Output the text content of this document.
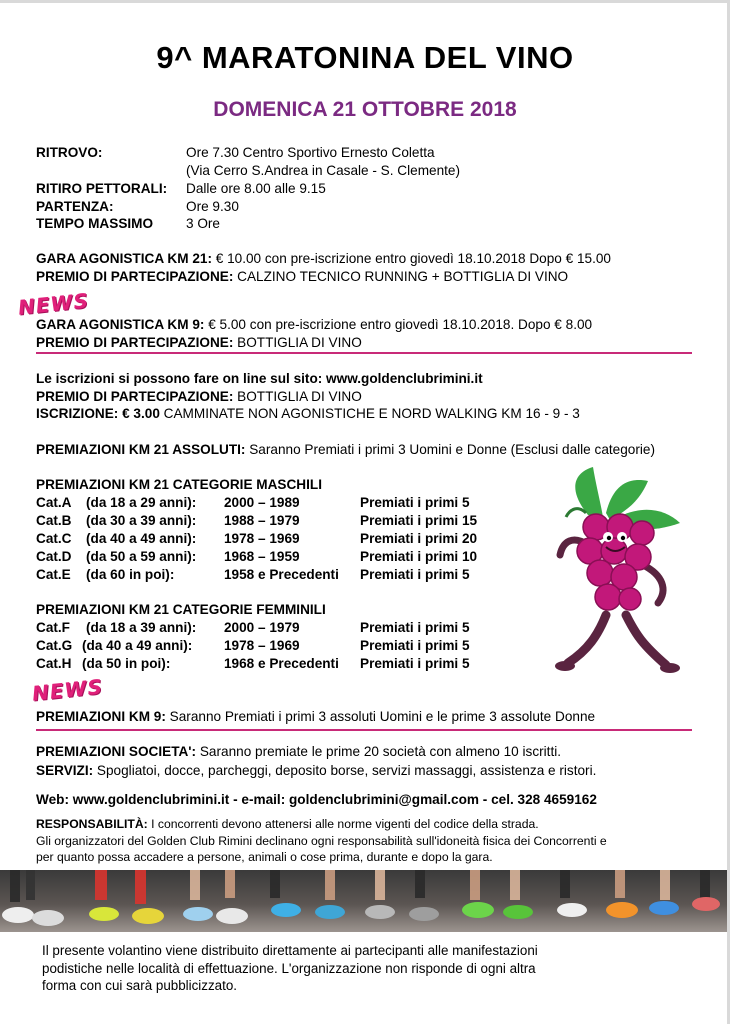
9^ MARATONINA DEL VINO
DOMENICA 21 OTTOBRE 2018
RITROVO:	Ore 7.30 Centro Sportivo Ernesto Coletta
(Via Cerro S.Andrea in Casale - S. Clemente)
RITIRO PETTORALI: Dalle ore 8.00 alle 9.15
PARTENZA:	Ore 9.30
TEMPO MASSIMO 3 Ore
GARA AGONISTICA KM 21: € 10.00 con pre-iscrizione entro giovedì 18.10.2018 Dopo € 15.00
PREMIO DI PARTECIPAZIONE: CALZINO TECNICO RUNNING + BOTTIGLIA DI VINO
NEWS
GARA AGONISTICA KM 9: € 5.00 con pre-iscrizione entro giovedì 18.10.2018. Dopo € 8.00
PREMIO DI PARTECIPAZIONE: BOTTIGLIA DI VINO
Le iscrizioni si possono fare on line sul sito: www.goldenclubrimini.it
PREMIO DI PARTECIPAZIONE: BOTTIGLIA DI VINO
ISCRIZIONE: € 3.00 CAMMINATE NON AGONISTICHE E NORD WALKING KM 16 - 9 - 3
PREMIAZIONI KM 21 ASSOLUTI: Saranno Premiati i primi 3 Uomini e Donne (Esclusi dalle categorie)
PREMIAZIONI KM 21 CATEGORIE MASCHILI
Cat.A (da 18 a 29 anni): 2000 – 1989	Premiati i primi 5
Cat.B (da 30 a 39 anni): 1988 – 1979	Premiati i primi 15
Cat.C (da 40 a 49 anni): 1978 – 1969	Premiati i primi 20
Cat.D (da 50 a 59 anni): 1968 – 1959	Premiati i primi 10
Cat.E (da 60 in poi):	1958 e Precedenti Premiati i primi 5
PREMIAZIONI KM 21 CATEGORIE FEMMINILI
Cat.F (da 18 a 39 anni): 2000 – 1979	Premiati i primi 5
Cat.G (da 40 a 49 anni): 1978 – 1969	Premiati i primi 5
Cat.H (da 50 in poi):	1968 e Precedenti Premiati i primi 5
NEWS
PREMIAZIONI KM 9: Saranno Premiati i primi 3 assoluti Uomini e le prime 3 assolute Donne
PREMIAZIONI SOCIETA': Saranno premiate le prime 20 società con almeno 10 iscritti.
SERVIZI: Spogliatoi, docce, parcheggi, deposito borse, servizi massaggi, assistenza e ristori.
Web: www.goldenclubrimini.it - e-mail: goldenclubrimini@gmail.com - cel. 328 4659162
RESPONSABILITÀ: I concorrenti devono attenersi alle norme vigenti del codice della strada.
Gli organizzatori del Golden Club Rimini declinano ogni responsabilità sull'idoneità fisica dei Concorrenti e
per quanto possa accadere a persone, animali o cose prima, durante e dopo la gara.
Il presente volantino viene distribuito direttamente ai partecipanti alle manifestazioni
podistiche nelle località di effettuazione. L'organizzazione non risponde di ogni altra
forma con cui sarà pubblicizzato.
